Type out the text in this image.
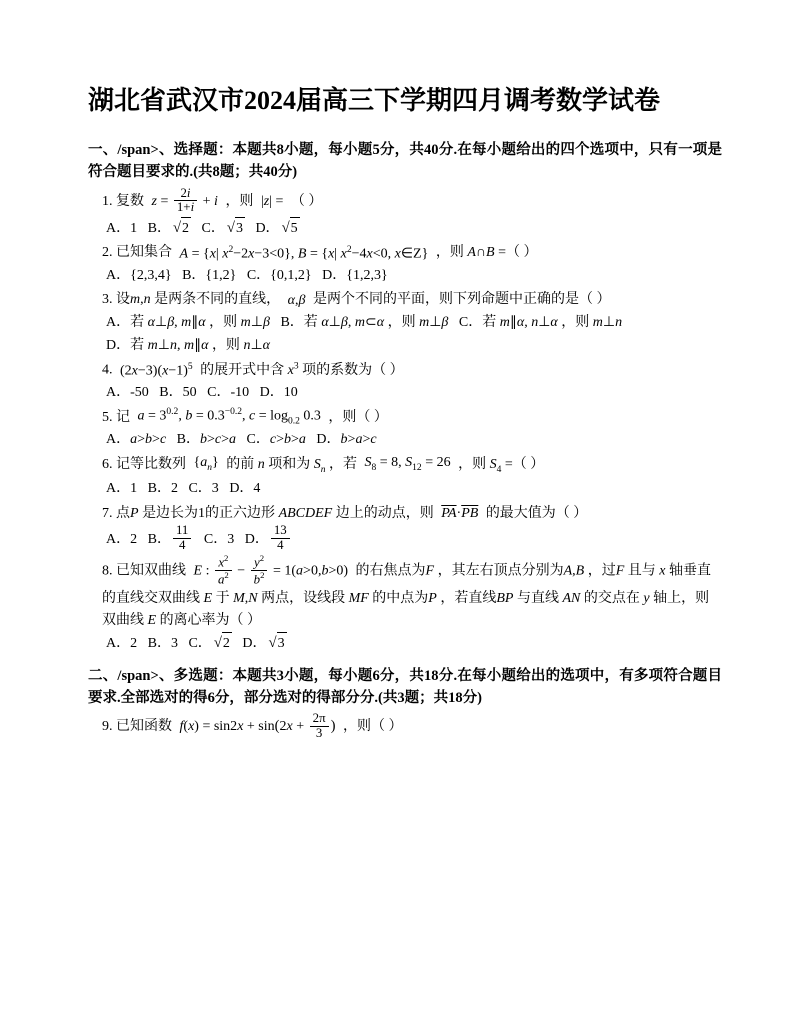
湖北省武汉市2024届高三下学期四月调考数学试卷
一、/span>、选择题：本题共8小题，每小题5分，共40分.在每小题给出的四个选项中，只有一项是符合题目要求的.(共8题；共40分)
1. 复数 $z = \frac{2i}{1+i} + i$ ，则 |z| = （ ）
A．1 B． √2 C． √3 D． √5
2. 已知集合 A = {x| $x^2-2x-3<0$}, B = {x| $x^2-4x<0$, x∈Z} ，则 A∩B =（ ）
A．{2,3,4} B．{1,2} C．{0,1,2} D．{1,2,3}
3. 设m,n 是两条不同的直线， α,β 是两个不同的平面，则下列命题中正确的是（ ）
A．若 α⊥β, m∥α ，则 m⊥β B．若 α⊥β, m⊂α ，则 m⊥β C．若 m∥α, n⊥α ，则 m⊥n
D．若 m⊥n, m∥α ，则 n⊥α
4. $(2x-3)(x-1)^5$ 的展开式中含 $x^3$ 项的系数为（ ）
A．-50 B．50 C．-10 D．10
5. 记 $a = 3^{0.2}$, $b = 0.3^{-0.2}$, $c = \log_{0.2} 0.3$ ，则（ ）
A．a>b>c B．b>c>a C．c>b>a D．b>a>c
6. 记等比数列 $\{a_n\}$ 的前 n 项和为 $S_n$ ，若 $S_8 = 8$, $S_{12} = 26$ ，则 $S_4$ =（ ）
A．1 B．2 C．3 D．4
7. 点P 是边长为1的正六边形 ABCDEF 边上的动点，则 $\overline{PA}\cdot\overline{PB}$ 的最大值为（ ）
A．2 B． $\frac{11}{4}$ C．3 D． $\frac{13}{4}$
8. 已知双曲线 E : $\frac{x^2}{a^2} - \frac{y^2}{b^2} = 1(a>0,b>0)$ 的右焦点为F ，其左右顶点分别为A,B ，过F 且与 x 轴垂直的直线交双曲线 E 于 M,N 两点，设线段 MF 的中点为P ，若直线BP 与直线 AN 的交点在 y 轴上，则双曲线 E 的离心率为（ ）
A．2 B．3 C． √2 D． √3
二、/span>、多选题：本题共3小题，每小题6分，共18分.在每小题给出的选项中，有多项符合题目要求.全部选对的得6分，部分选对的得部分分.(共3题；共18分)
9. 已知函数 $f(x) = \sin 2x + \sin(2x + \frac{2\pi}{3}$ ) ，则（ ）
